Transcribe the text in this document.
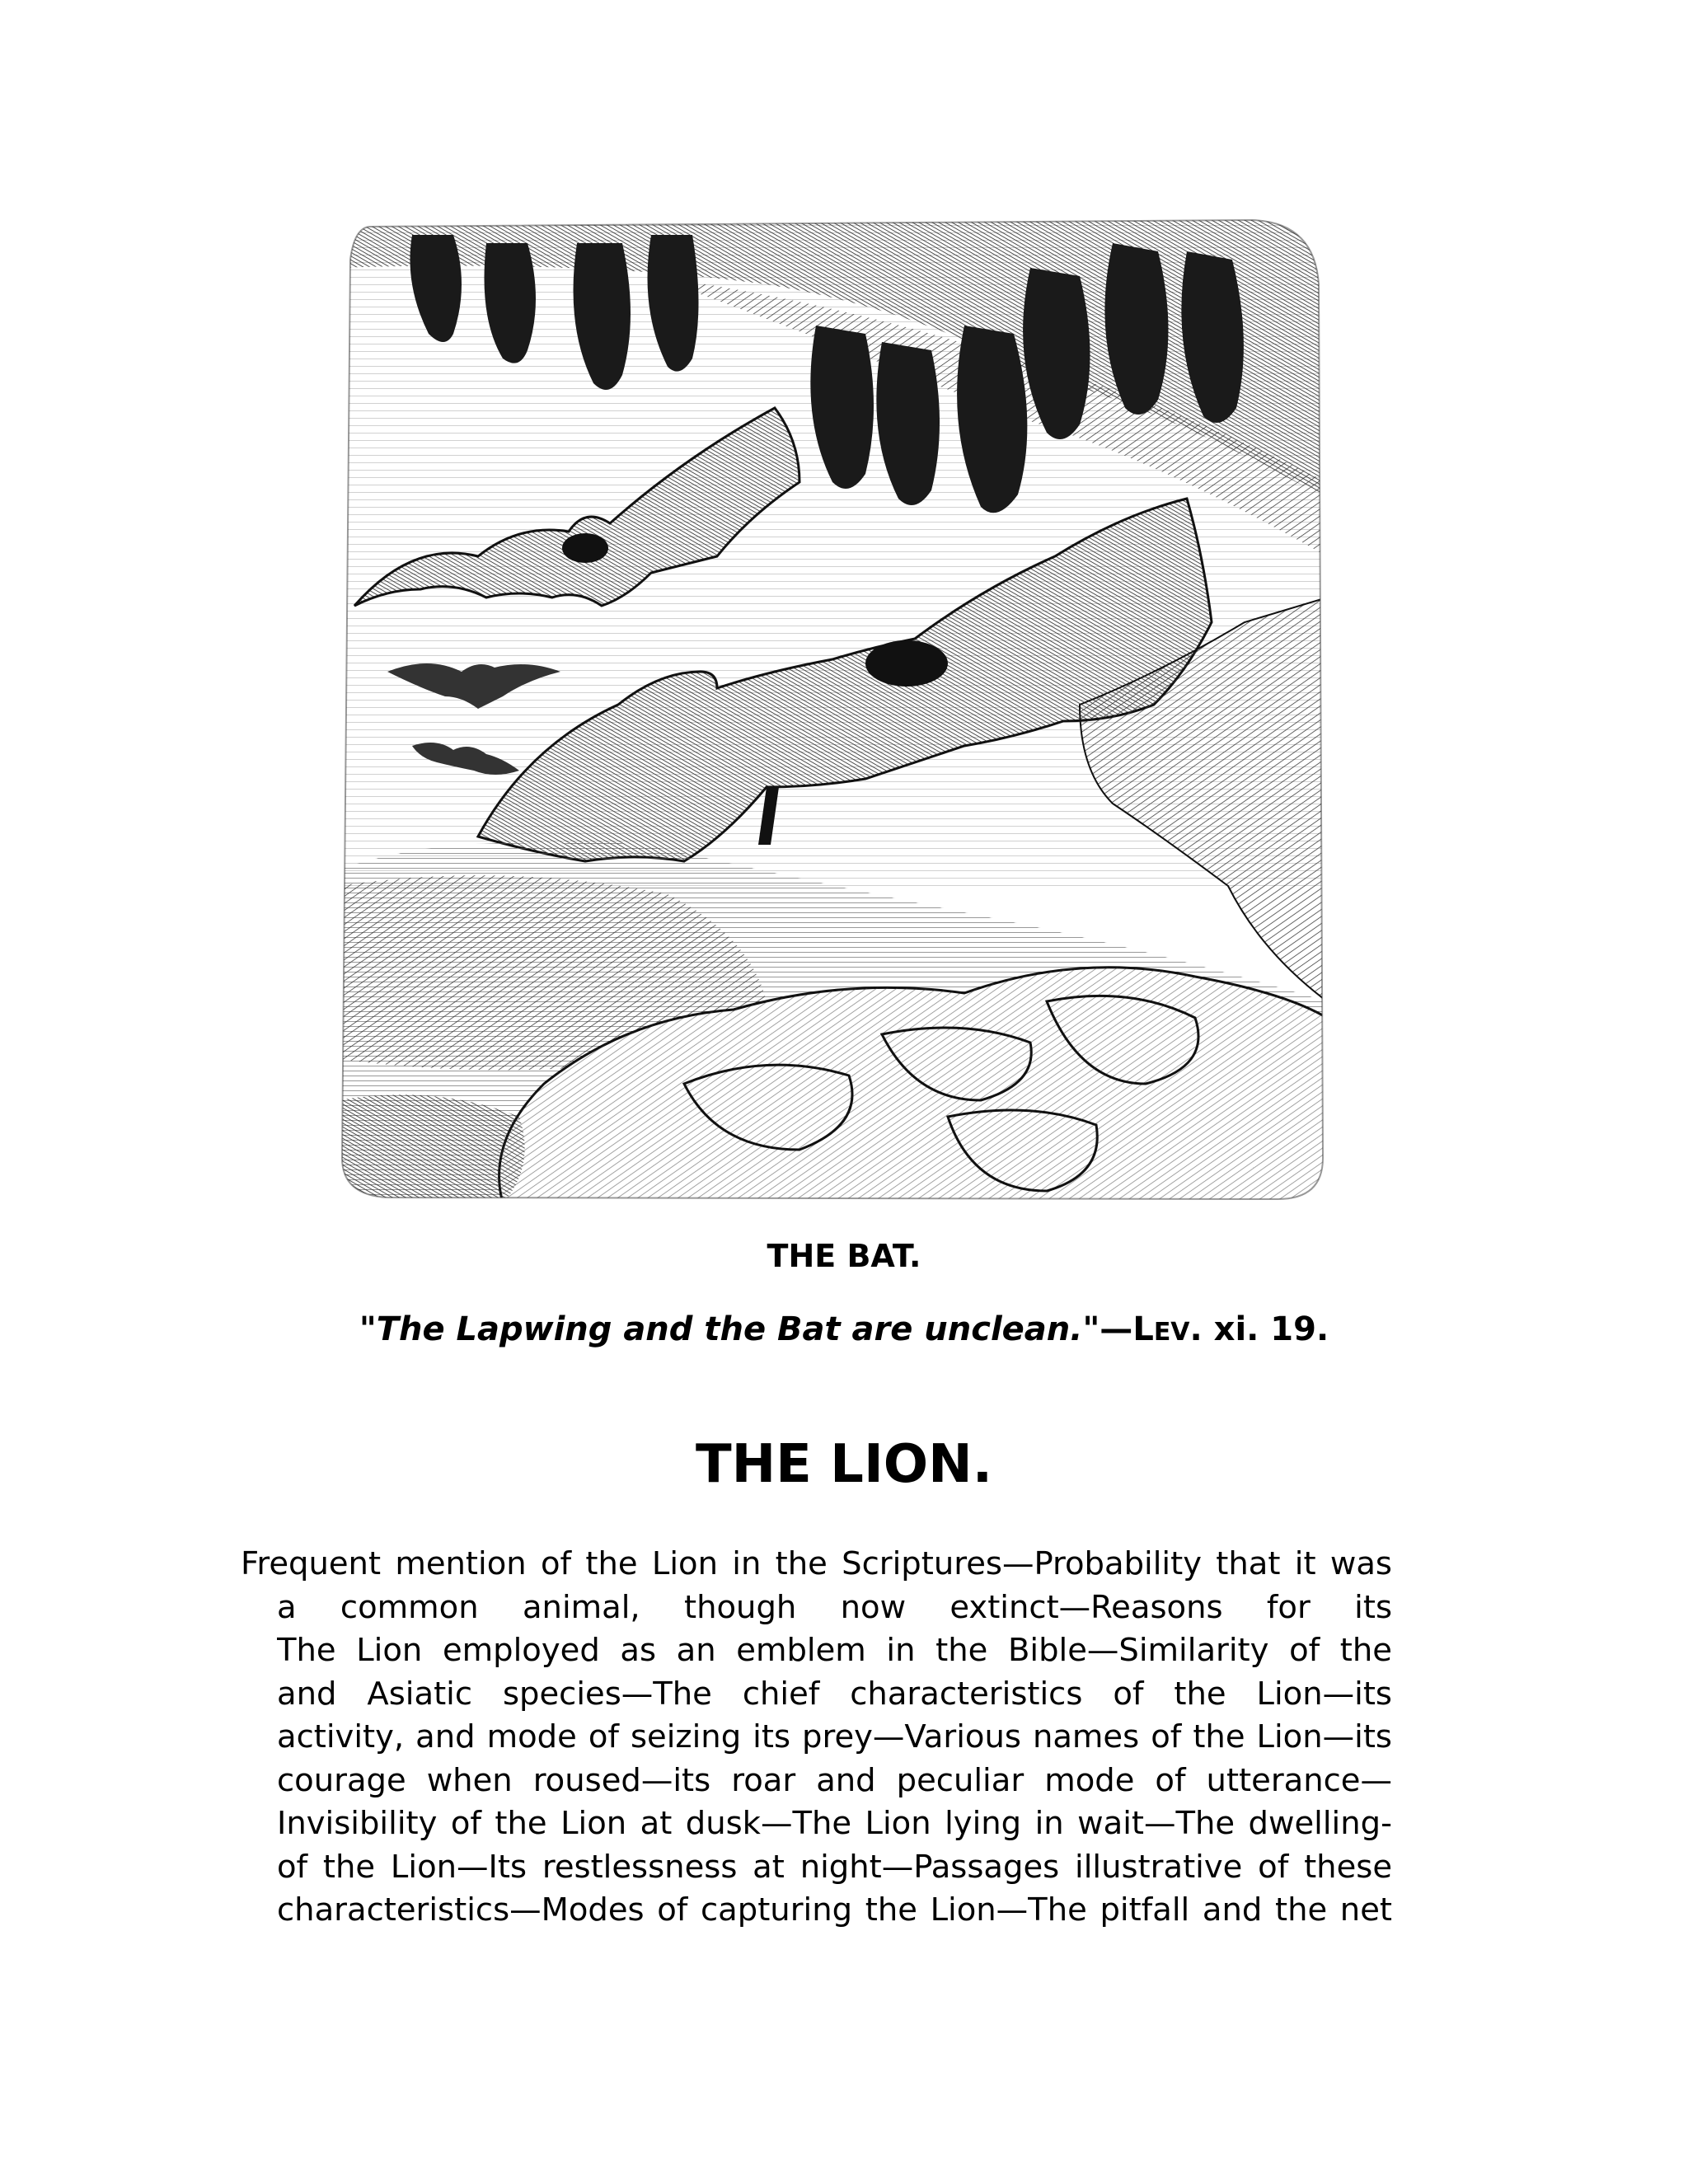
THE BAT.
"The Lapwing and the Bat are unclean."—LEV. xi. 19.
THE LION.
Frequent mention of the Lion in the Scriptures—Probability that it was
a common animal, though now extinct—Reasons for its
The Lion employed as an emblem in the Bible—Similarity of the
and Asiatic species—The chief characteristics of the Lion—its
activity, and mode of seizing its prey—Various names of the Lion—its
courage when roused—its roar and peculiar mode of utterance—
Invisibility of the Lion at dusk—The Lion lying in wait—The dwelling-
of the Lion—Its restlessness at night—Passages illustrative of these
characteristics—Modes of capturing the Lion—The pitfall and the net
